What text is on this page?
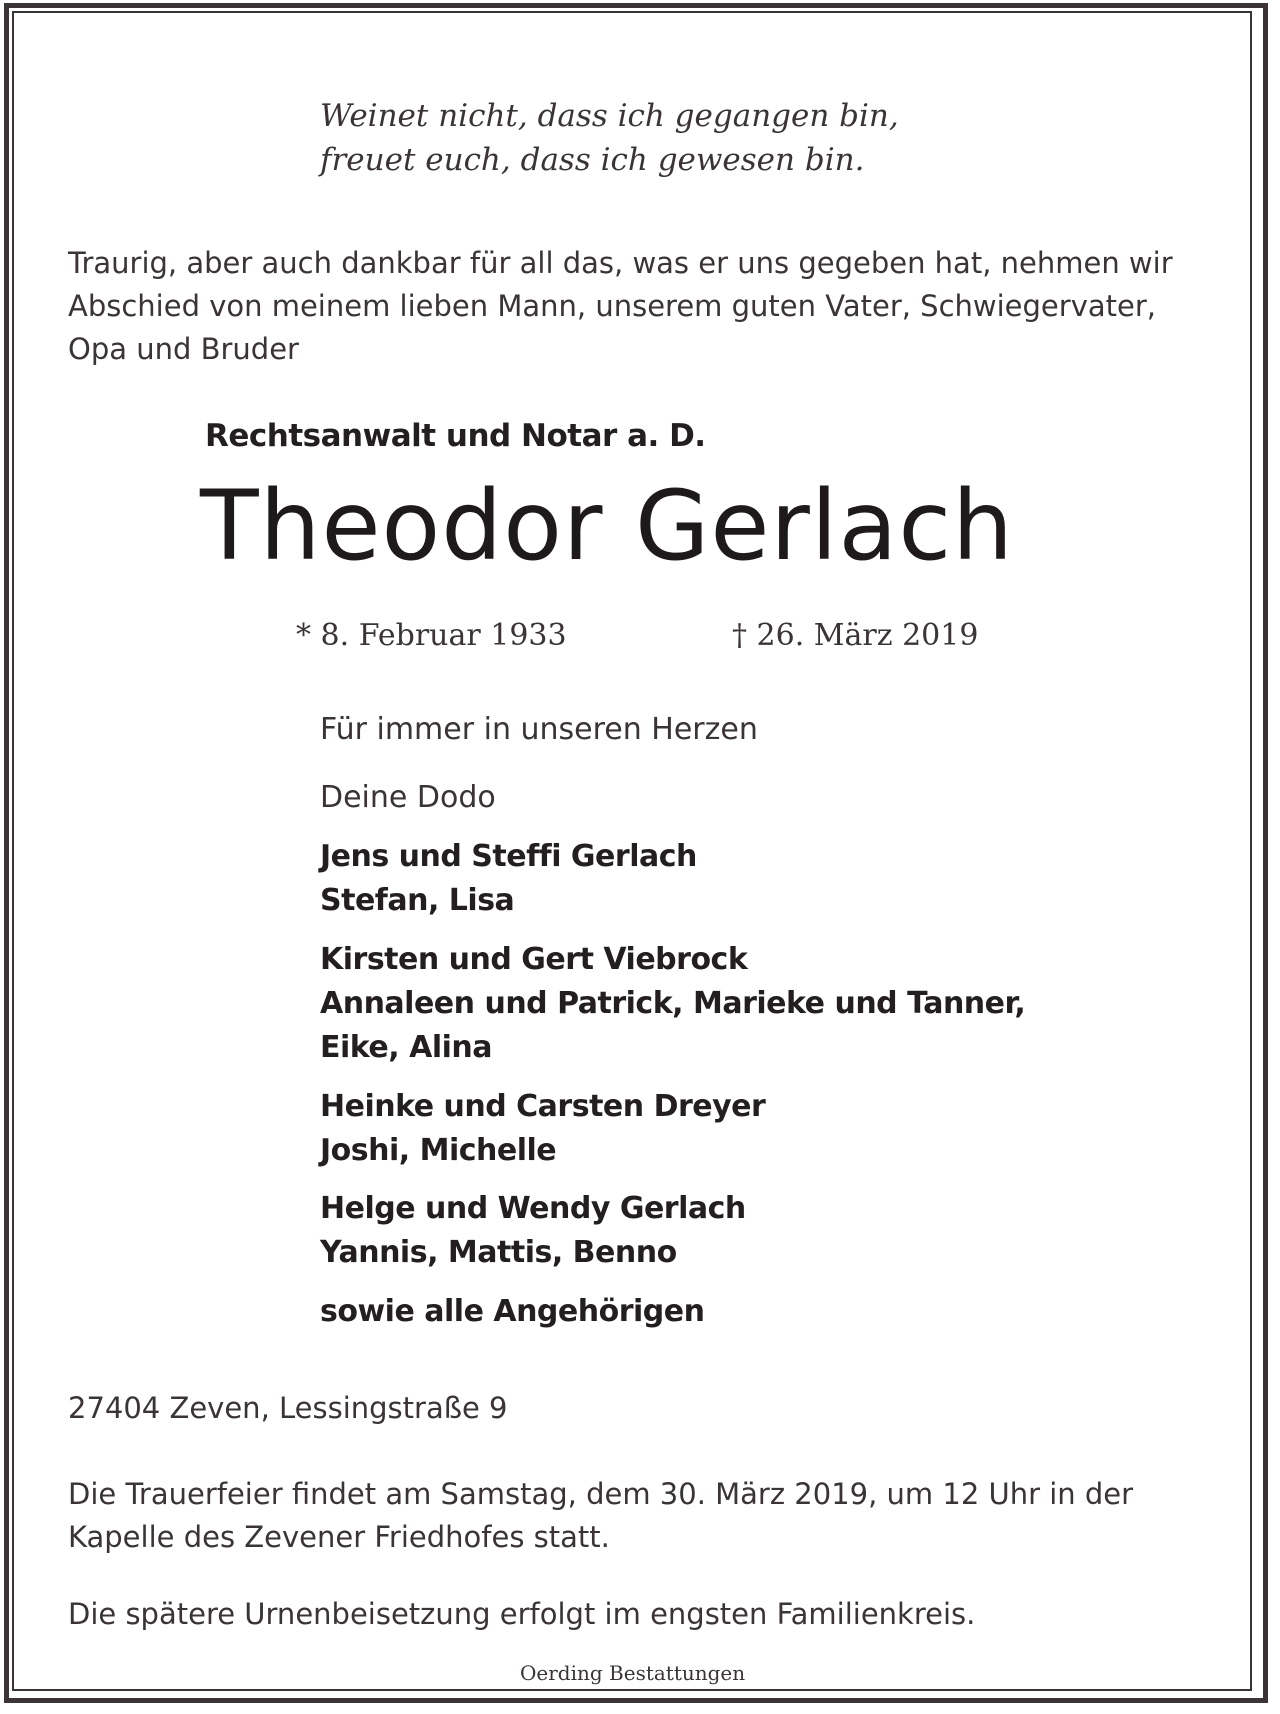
Weinet nicht, dass ich gegangen bin,
freuet euch, dass ich gewesen bin.
Traurig, aber auch dankbar für all das, was er uns gegeben hat, nehmen wir
Abschied von meinem lieben Mann, unserem guten Vater, Schwiegervater,
Opa und Bruder
Rechtsanwalt und Notar a. D.
Theodor Gerlach
* 8. Februar 1933	† 26. März 2019
Für immer in unseren Herzen
Deine Dodo
Jens und Steffi Gerlach
Stefan, Lisa
Kirsten und Gert Viebrock
Annaleen und Patrick, Marieke und Tanner,
Eike, Alina
Heinke und Carsten Dreyer
Joshi, Michelle
Helge und Wendy Gerlach
Yannis, Mattis, Benno
sowie alle Angehörigen
27404 Zeven, Lessingstraße 9
Die Trauerfeier findet am Samstag, dem 30. März 2019, um 12 Uhr in der
Kapelle des Zevener Friedhofes statt.
Die spätere Urnenbeisetzung erfolgt im engsten Familienkreis.
Oerding Bestattungen
